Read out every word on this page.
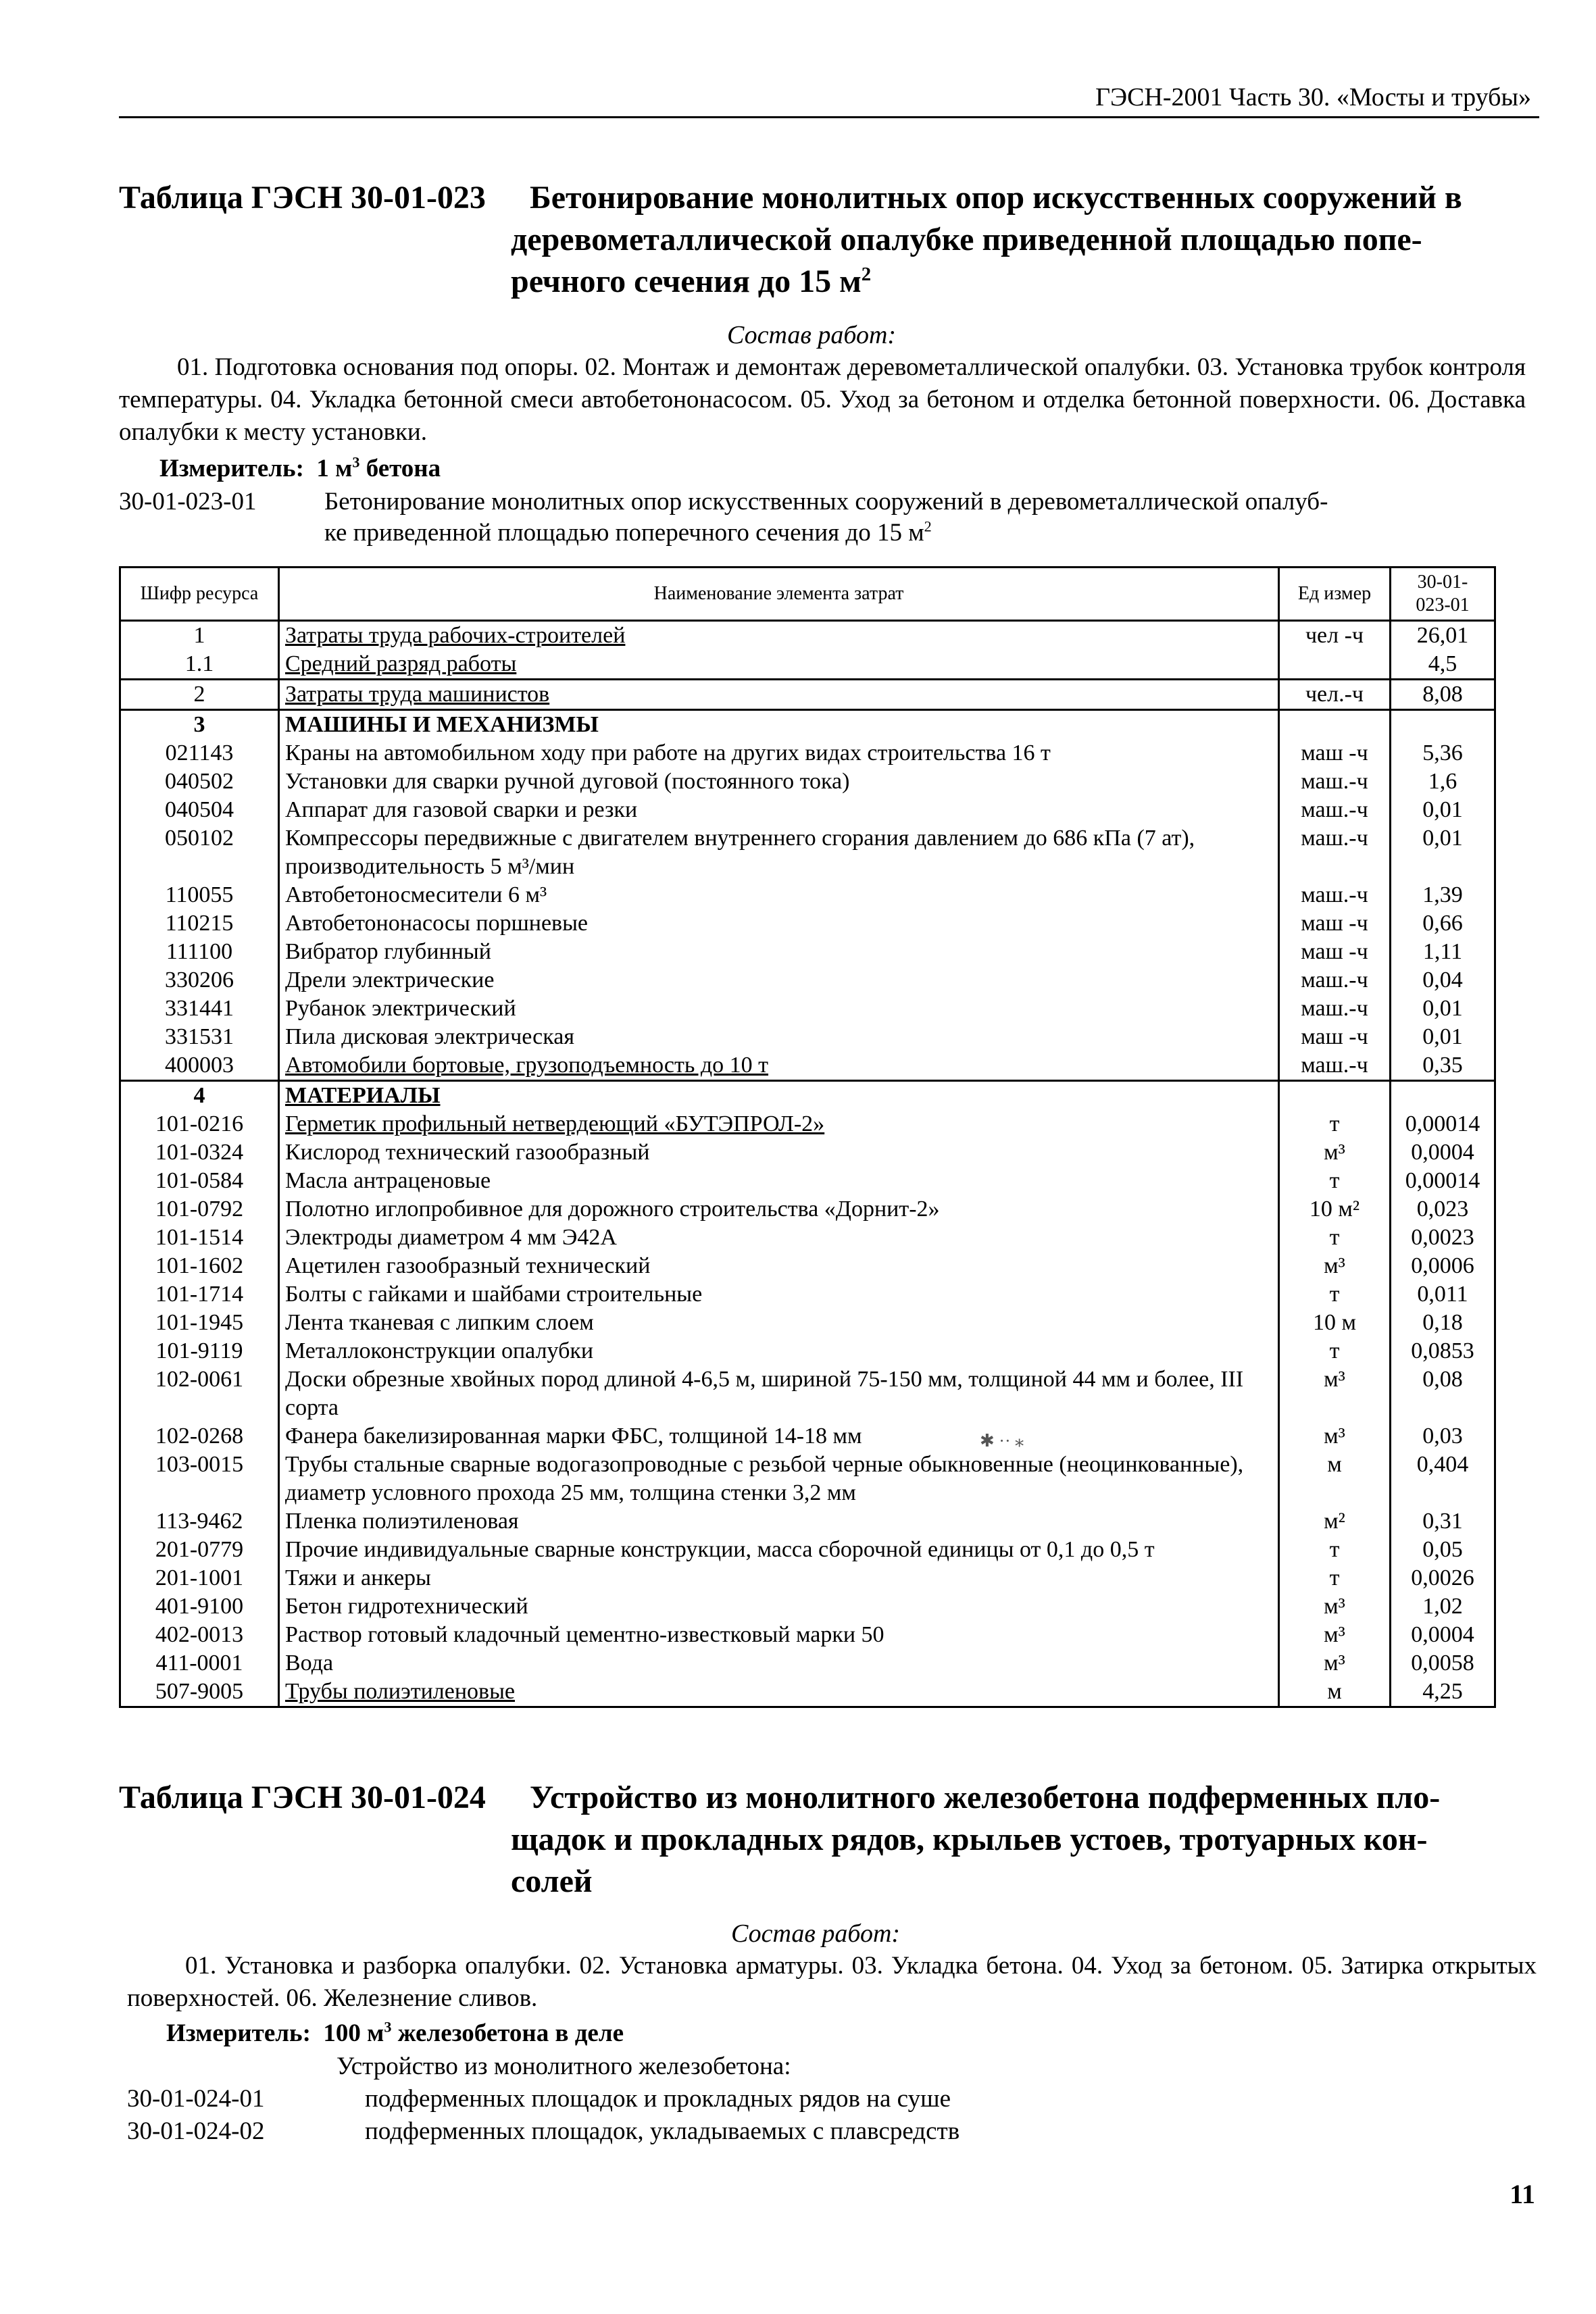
ГЭСН-2001 Часть 30. «Мосты и трубы»
Таблица ГЭСН 30-01-023 Бетонирование монолитных опор искусственных сооружений в
деревометаллической опалубке приведенной площадью попе-
речного сечения до 15 $м^2$
Состав работ:
01. Подготовка основания под опоры. 02. Монтаж и демонтаж деревометаллической опалубки. 03. Установка трубок контроля температуры. 04. Укладка бетонной смеси автобетононасосом. 05. Уход за бетоном и отделка бетонной поверхности. 06. Доставка опалубки к месту установки.
Измеритель: 1 $м^3$ бетона
30-01-023-01	Бетонирование монолитных опор искусственных сооружений в деревометаллической опалуб-
ке приведенной площадью поперечного сечения до 15 $м^2$
Шифр ресурса	Наименование элемента затрат	Ед измер	30-01-
023-01
1	Затраты труда рабочих-строителей	чел -ч	26,01
1.1	Средний разряд работы		4,5
2	Затраты труда машинистов	чел.-ч	8,08
3	МАШИНЫ И МЕХАНИЗМЫ		
021143	Краны на автомобильном ходу при работе на других видах строительства 16 т	маш -ч	5,36
040502	Установки для сварки ручной дуговой (постоянного тока)	маш.-ч	1,6
040504	Аппарат для газовой сварки и резки	маш.-ч	0,01
050102	Компрессоры передвижные с двигателем внутреннего сгорания давлением до 686 кПа (7 ат), производительность 5 м³/мин	маш.-ч	0,01
110055	Автобетоносмесители 6 м³	маш.-ч	1,39
110215	Автобетононасосы поршневые	маш -ч	0,66
111100	Вибратор глубинный	маш -ч	1,11
330206	Дрели электрические	маш.-ч	0,04
331441	Рубанок электрический	маш.-ч	0,01
331531	Пила дисковая электрическая	маш -ч	0,01
400003	Автомобили бортовые, грузоподъемность до 10 т	маш.-ч	0,35
4	МАТЕРИАЛЫ		
101-0216	Герметик профильный нетвердеющий «БУТЭПРОЛ-2»	т	0,00014
101-0324	Кислород технический газообразный	м³	0,0004
101-0584	Масла антраценовые	т	0,00014
101-0792	Полотно иглопробивное для дорожного строительства «Дорнит-2»	10 м²	0,023
101-1514	Электроды диаметром 4 мм Э42А	т	0,0023
101-1602	Ацетилен газообразный технический	м³	0,0006
101-1714	Болты с гайками и шайбами строительные	т	0,011
101-1945	Лента тканевая с липким слоем	10 м	0,18
101-9119	Металлоконструкции опалубки	т	0,0853
102-0061	Доски обрезные хвойных пород длиной 4-6,5 м, шириной 75-150 мм, толщиной 44 мм и более, III сорта	м³	0,08
102-0268	Фанера бакелизированная марки ФБС, толщиной 14-18 мм	м³	0,03
103-0015	Трубы стальные сварные водогазопроводные с резьбой черные обыкновенные (неоцинкованные), диаметр условного прохода 25 мм, толщина стенки 3,2 мм	м	0,404
113-9462	Пленка полиэтиленовая	м²	0,31
201-0779	Прочие индивидуальные сварные конструкции, масса сборочной единицы от 0,1 до 0,5 т	т	0,05
201-1001	Тяжи и анкеры	т	0,0026
401-9100	Бетон гидротехнический	м³	1,02
402-0013	Раствор готовый кладочный цементно-известковый марки 50	м³	0,0004
411-0001	Вода	м³	0,0058
507-9005	Трубы полиэтиленовые	м	4,25
✱ ·· ⁎
Таблица ГЭСН 30-01-024 Устройство из монолитного железобетона подферменных пло-
щадок и прокладных рядов, крыльев устоев, тротуарных кон-
солей
Состав работ:
01. Установка и разборка опалубки. 02. Установка арматуры. 03. Укладка бетона. 04. Уход за бетоном. 05. Затирка открытых поверхностей. 06. Железнение сливов.
Измеритель: 100 $м^3$ железобетона в деле
Устройство из монолитного железобетона:
30-01-024-01	подферменных площадок и прокладных рядов на суше
30-01-024-02	подферменных площадок, укладываемых с плавсредств
11
